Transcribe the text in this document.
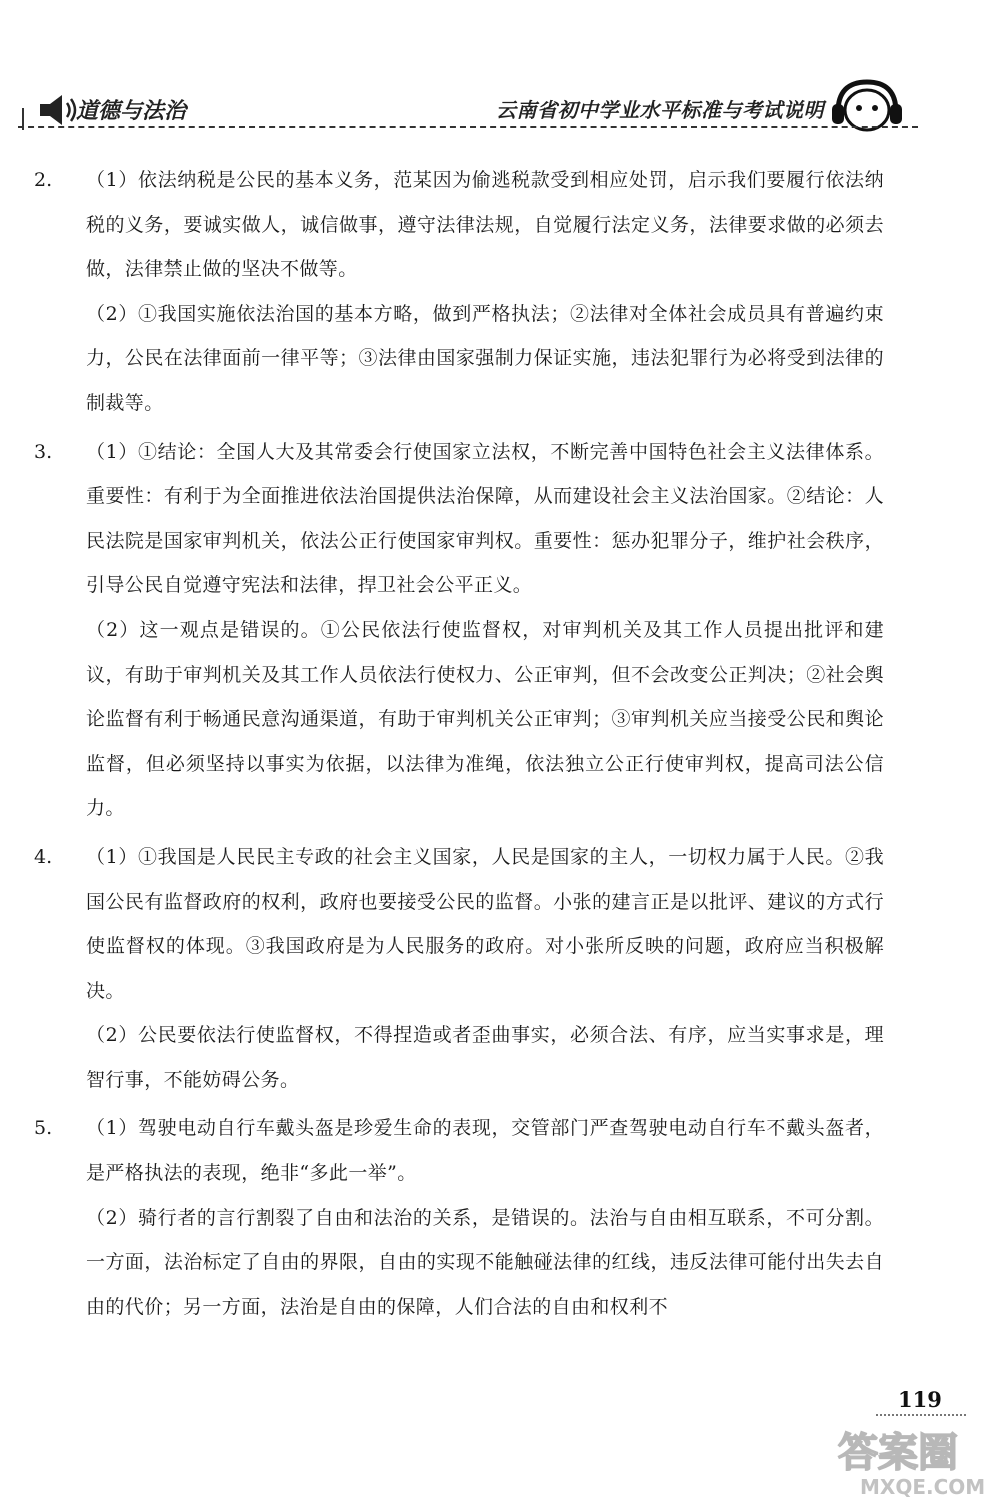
道德与法治	云南省初中学业水平标准与考试说明
2. （1）依法纳税是公民的基本义务，范某因为偷逃税款受到相应处罚，启示我们要履行依法纳税的义务，要诚实做人，诚信做事，遵守法律法规，自觉履行法定义务，法律要求做的必须去做，法律禁止做的坚决不做等。

（2）①我国实施依法治国的基本方略，做到严格执法；②法律对全体社会成员具有普遍约束力，公民在法律面前一律平等；③法律由国家强制力保证实施，违法犯罪行为必将受到法律的制裁等。

3. （1）①结论：全国人大及其常委会行使国家立法权，不断完善中国特色社会主义法律体系。重要性：有利于为全面推进依法治国提供法治保障，从而建设社会主义法治国家。②结论：人民法院是国家审判机关，依法公正行使国家审判权。重要性：惩办犯罪分子，维护社会秩序，引导公民自觉遵守宪法和法律，捍卫社会公平正义。

（2）这一观点是错误的。①公民依法行使监督权，对审判机关及其工作人员提出批评和建议，有助于审判机关及其工作人员依法行使权力、公正审判，但不会改变公正判决；②社会舆论监督有利于畅通民意沟通渠道，有助于审判机关公正审判；③审判机关应当接受公民和舆论监督，但必须坚持以事实为依据，以法律为准绳，依法独立公正行使审判权，提高司法公信力。

4. （1）①我国是人民民主专政的社会主义国家，人民是国家的主人，一切权力属于人民。②我国公民有监督政府的权利，政府也要接受公民的监督。小张的建言正是以批评、建议的方式行使监督权的体现。③我国政府是为人民服务的政府。对小张所反映的问题，政府应当积极解决。

（2）公民要依法行使监督权，不得捏造或者歪曲事实，必须合法、有序，应当实事求是，理智行事，不能妨碍公务。

5. （1）驾驶电动自行车戴头盔是珍爱生命的表现，交管部门严查驾驶电动自行车不戴头盔者，是严格执法的表现，绝非“多此一举”。

（2）骑行者的言行割裂了自由和法治的关系，是错误的。法治与自由相互联系，不可分割。一方面，法治标定了自由的界限，自由的实现不能触碰法律的红线，违反法律可能付出失去自由的代价；另一方面，法治是自由的保障，人们合法的自由和权利不

119
答案圈
MXQE.COM
